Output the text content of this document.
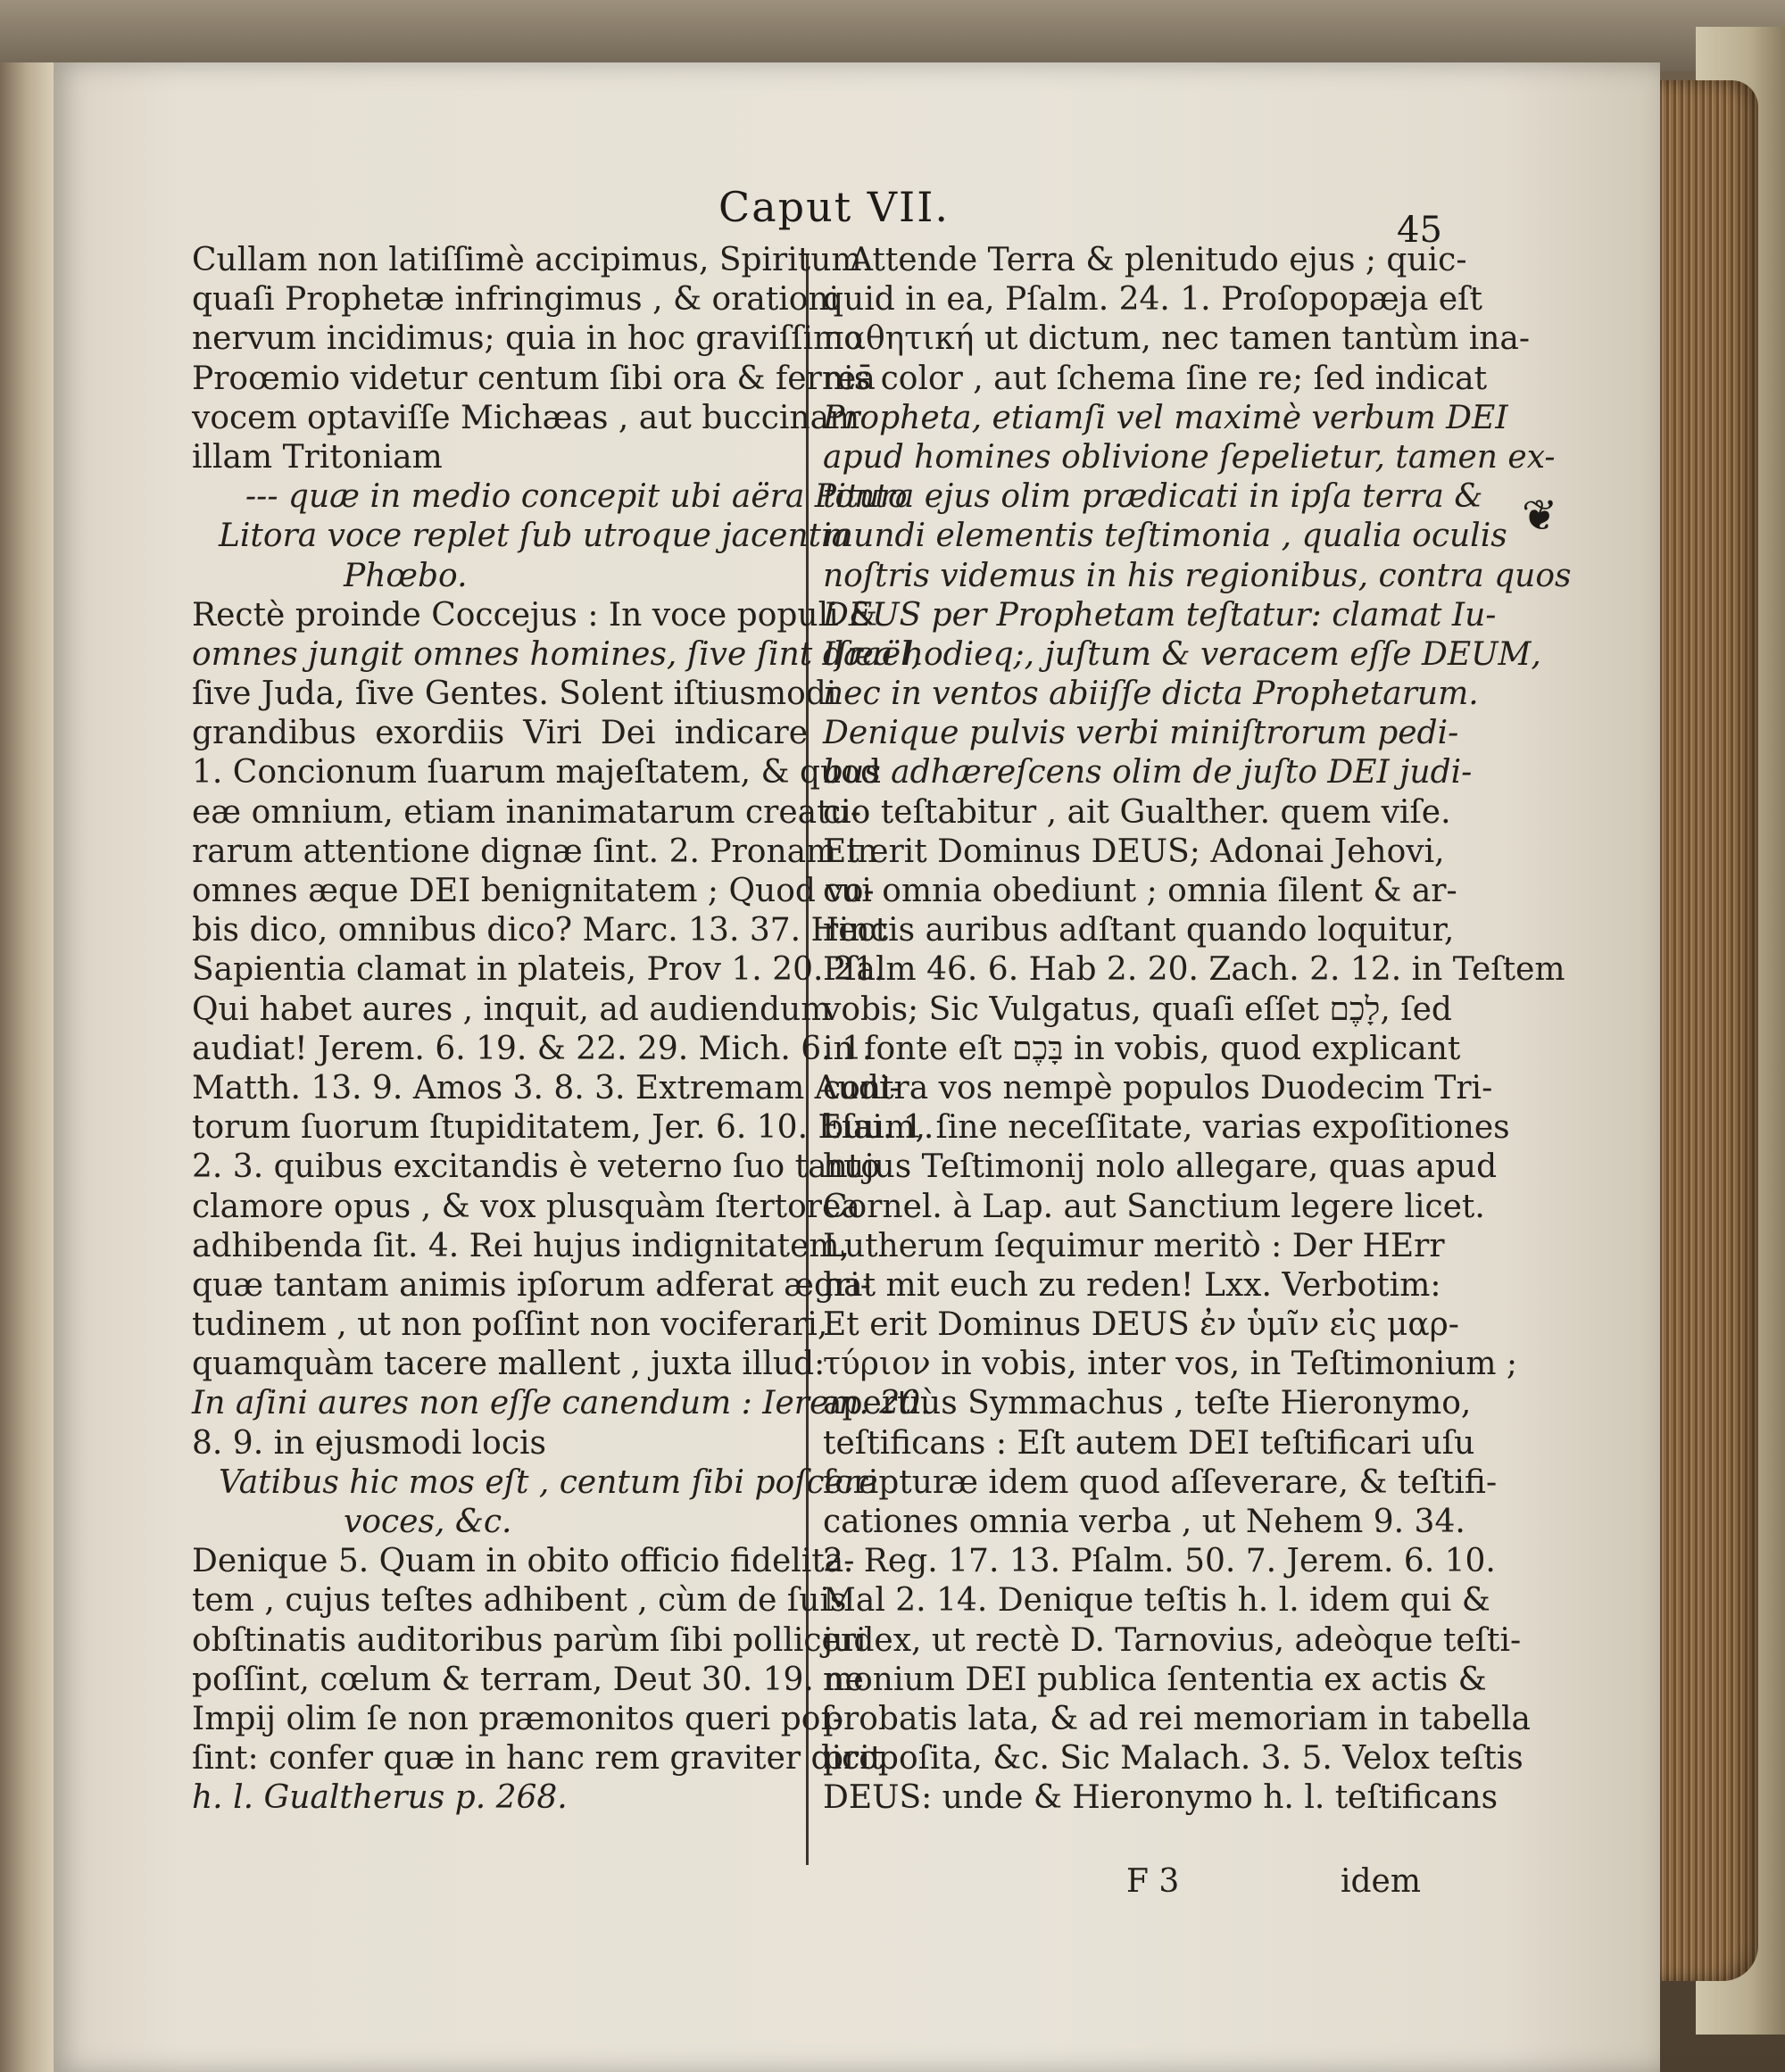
Caput VII.	45
❦
Cullam non latiſſimè accipimus, Spiritum
quaſi Prophetæ infringimus , & orationi
nervum incidimus; quia in hoc graviſſimo
Proœmio videtur centum ſibi ora & ferreā
vocem optaviſſe Michæas , aut buccinam
illam Tritoniam
--- quæ in medio concepit ubi aëra Ponto
Litora voce replet ſub utroque jacentia
Phœbo.
Rectè proinde Coccejus : In voce populi &
omnes jungit omnes homines, ſive ſint Iſraël,
ſive Juda, ſive Gentes. Solent iſtiusmodi
grandibus exordiis Viri Dei indicare
1. Concionum ſuarum majeſtatem, & quod
eæ omnium, etiam inanimatarum creatu-
rarum attentione dignæ ſint. 2. Pronam in
omnes æque DEI benignitatem ; Quod vo-
bis dico, omnibus dico? Marc. 13. 37. Hinc
Sapientia clamat in plateis, Prov 1. 20. 21.
Qui habet aures , inquit, ad audiendum
audiat! Jerem. 6. 19. & 22. 29. Mich. 6. 1.
Matth. 13. 9. Amos 3. 8. 3. Extremam Audi-
torum ſuorum ſtupiditatem, Jer. 6. 10. Eſai. 1.
2. 3. quibus excitandis è veterno ſuo tanto
clamore opus , & vox plusquàm ſtertorea
adhibenda ſit. 4. Rei hujus indignitatem,
quæ tantam animis ipſorum adferat ægri-
tudinem , ut non poſſint non vociferari,
quamquàm tacere mallent , juxta illud:
In aſini aures non eſſe canendum : Ierem. 20.
8. 9. in ejusmodi locis
Vatibus hic mos eſt , centum ſibi poſcere
voces, &c.
Denique 5. Quam in obito officio fidelita-
tem , cujus teſtes adhibent , cùm de ſuis
obſtinatis auditoribus parùm ſibi polliceri
poſſint, cœlum & terram, Deut 30. 19. ne
Impij olim ſe non præmonitos queri poſ-
ſint: confer quæ in hanc rem graviter dicit
h. l. Gualtherus p. 268.
Attende Terra & plenitudo ejus ; quic-
quid in ea, Pſalm. 24. 1. Proſopopæja eſt
παθητική ut dictum, nec tamen tantùm ina-
nis color , aut ſchema ſine re; ſed indicat
Propheta, etiamſi vel maximè verbum DEI
apud homines oblivione ſepelietur, tamen ex-
titura ejus olim prædicati in ipſa terra &
mundi elementis teſtimonia , qualia oculis
noſtris videmus in his regionibus, contra quos
DEUS per Prophetam teſtatur: clamat Iu-
dæa hodieq;, juſtum & veracem eſſe DEUM,
nec in ventos abiiſſe dicta Prophetarum.
Denique pulvis verbi miniſtrorum pedi-
bus adhæreſcens olim de juſto DEI judi-
cio teſtabitur , ait Gualther. quem viſe.
Et erit Dominus DEUS; Adonai Jehovi,
cui omnia obediunt ; omnia ſilent & ar-
rectis auribus adſtant quando loquitur,
Pſalm 46. 6. Hab 2. 20. Zach. 2. 12. in Teſtem
vobis; Sic Vulgatus, quaſi eſſet לָכֶם, ſed
in fonte eſt בָּכֶם in vobis, quod explicant
contra vos nempè populos Duodecim Tri-
buum, ſine neceſſitate, varias expoſitiones
hujus Teſtimonij nolo allegare, quas apud
Cornel. à Lap. aut Sanctium legere licet.
Lutherum ſequimur meritò : Der HErr
hat mit euch zu reden! Lxx. Verbotim:
Et erit Dominus DEUS ἐν ὑμῖν εἰς μαρ-
τύριον in vobis, inter vos, in Teſtimonium ;
apertiùs Symmachus , teſte Hieronymo,
teſtificans : Eſt autem DEI teſtificari uſu
ſcripturæ idem quod aſſeverare, & teſtifi-
cationes omnia verba , ut Nehem 9. 34.
2. Reg. 17. 13. Pſalm. 50. 7. Jerem. 6. 10.
Mal 2. 14. Denique teſtis h. l. idem qui &
judex, ut rectè D. Tarnovius, adeòque teſti-
monium DEI publica ſententia ex actis &
probatis lata, & ad rei memoriam in tabella
propoſita, &c. Sic Malach. 3. 5. Velox teſtis
DEUS: unde & Hieronymo h. l. teſtificans
F 3	idem
